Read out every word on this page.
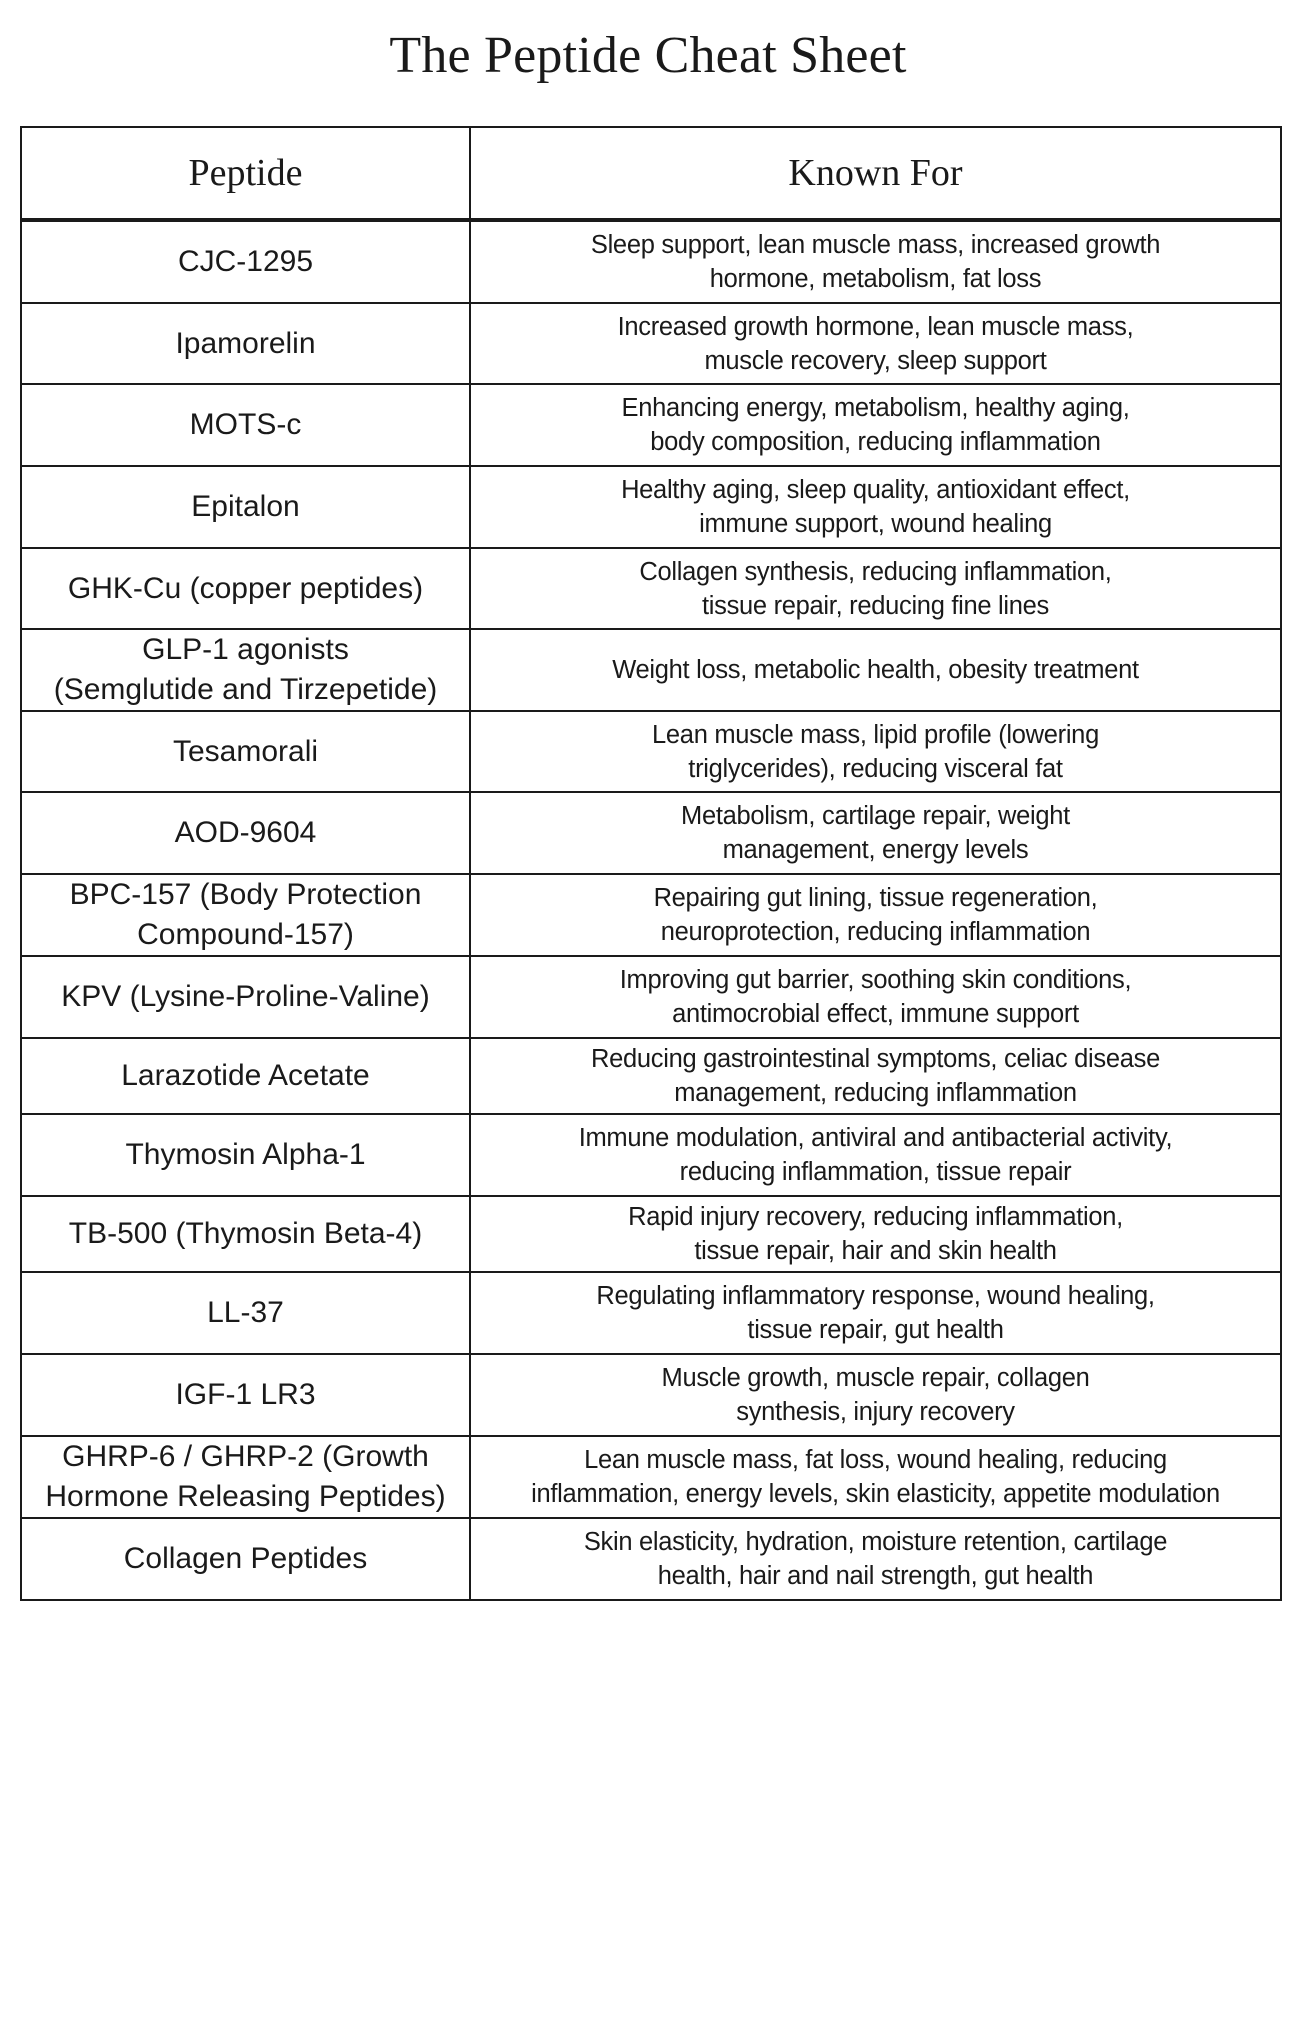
The Peptide Cheat Sheet
Peptide	Known For

CJC-1295	Sleep support, lean muscle mass, increased growth
hormone, metabolism, fat loss

Ipamorelin	Increased growth hormone, lean muscle mass,
muscle recovery, sleep support

MOTS-c	Enhancing energy, metabolism, healthy aging,
body composition, reducing inflammation

Epitalon	Healthy aging, sleep quality, antioxidant effect,
immune support, wound healing

GHK-Cu (copper peptides)	Collagen synthesis, reducing inflammation,
tissue repair, reducing fine lines

GLP-1 agonists
(Semglutide and Tirzepetide)	Weight loss, metabolic health, obesity treatment

Tesamorali	Lean muscle mass, lipid profile (lowering
triglycerides), reducing visceral fat

AOD-9604	Metabolism, cartilage repair, weight
management, energy levels

BPC-157 (Body Protection
Compound-157)	Repairing gut lining, tissue regeneration,
neuroprotection, reducing inflammation

KPV (Lysine-Proline-Valine)	Improving gut barrier, soothing skin conditions,
antimocrobial effect, immune support

Larazotide Acetate	Reducing gastrointestinal symptoms, celiac disease
management, reducing inflammation

Thymosin Alpha-1	Immune modulation, antiviral and antibacterial activity,
reducing inflammation, tissue repair

TB-500 (Thymosin Beta-4)	Rapid injury recovery, reducing inflammation,
tissue repair, hair and skin health

LL-37	Regulating inflammatory response, wound healing,
tissue repair, gut health

IGF-1 LR3	Muscle growth, muscle repair, collagen
synthesis, injury recovery

GHRP-6 / GHRP-2 (Growth
Hormone Releasing Peptides)	Lean muscle mass, fat loss, wound healing, reducing
inflammation, energy levels, skin elasticity, appetite modulation

Collagen Peptides	Skin elasticity, hydration, moisture retention, cartilage
health, hair and nail strength, gut health
